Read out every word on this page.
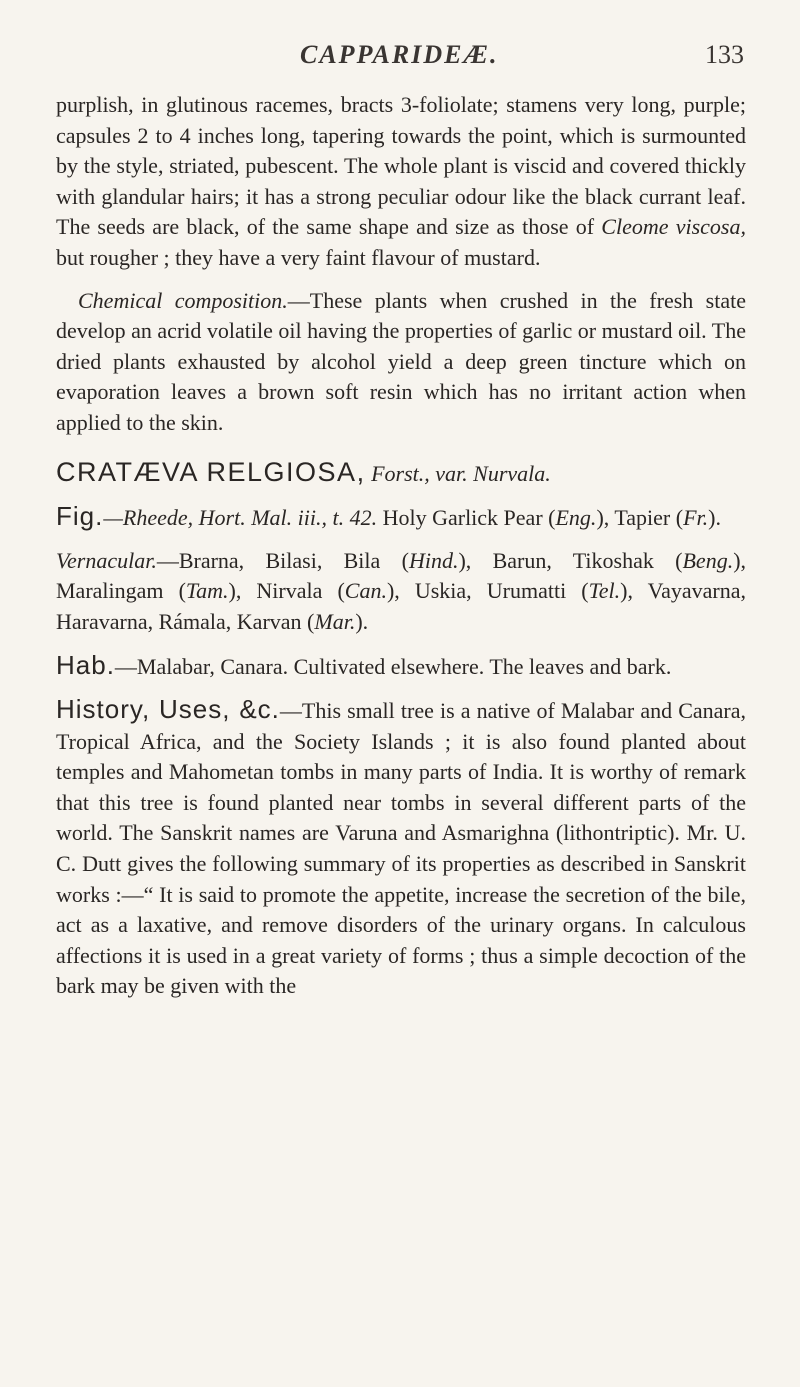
CAPPARIDEÆ.	133

purplish, in glutinous racemes, bracts 3-foliolate; stamens very long, purple; capsules 2 to 4 inches long, tapering towards the point, which is surmounted by the style, striated, pubescent. The whole plant is viscid and covered thickly with glandular hairs; it has a strong peculiar odour like the black currant leaf. The seeds are black, of the same shape and size as those of Cleome viscosa, but rougher ; they have a very faint flavour of mustard.

 Chemical composition.—These plants when crushed in the fresh state develop an acrid volatile oil having the properties of garlic or mustard oil. The dried plants exhausted by alcohol yield a deep green tincture which on evaporation leaves a brown soft resin which has no irritant action when applied to the skin.

CRATÆVA RELGIOSA, Forst., var. Nurvala.

Fig.—Rheede, Hort. Mal. iii., t. 42. Holy Garlick Pear (Eng.), Tapier (Fr.).

Vernacular.—Brarna, Bilasi, Bila (Hind.), Barun, Tikoshak (Beng.), Maralingam (Tam.), Nirvala (Can.), Uskia, Urumatti (Tel.), Vayavarna, Haravarna, Rámala, Karvan (Mar.).

Hab.—Malabar, Canara. Cultivated elsewhere. The leaves and bark.

History, Uses, &c.—This small tree is a native of Malabar and Canara, Tropical Africa, and the Society Islands ; it is also found planted about temples and Mahometan tombs in many parts of India. It is worthy of remark that this tree is found planted near tombs in several different parts of the world. The Sanskrit names are Varuna and Asmarighna (lithontriptic). Mr. U. C. Dutt gives the following summary of its properties as described in Sanskrit works :—“ It is said to promote the appetite, increase the secretion of the bile, act as a laxative, and remove disorders of the urinary organs. In calculous affections it is used in a great variety of forms ; thus a simple decoction of the bark may be given with the
